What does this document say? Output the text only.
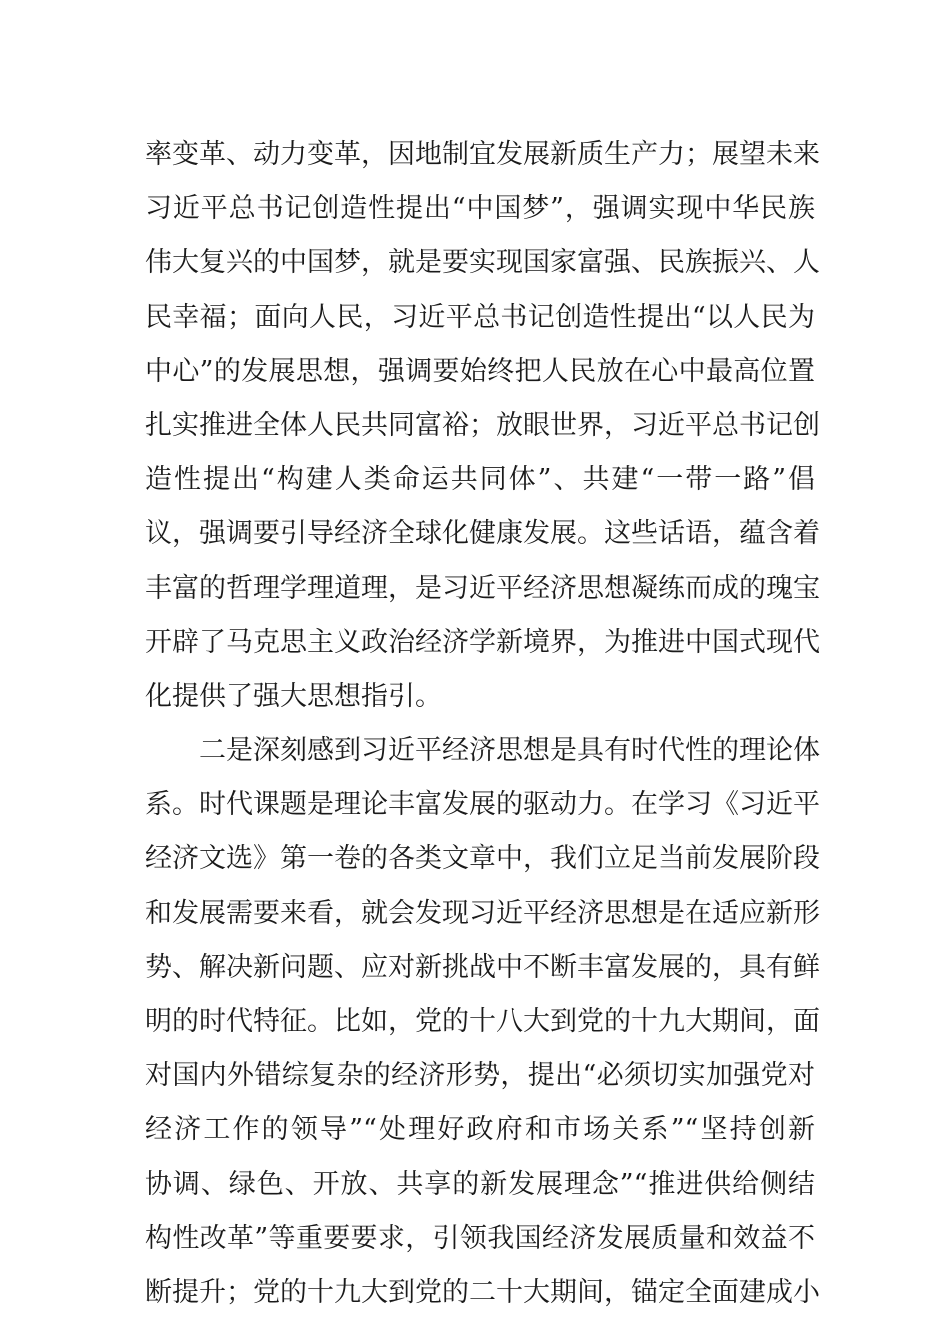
率变革、动力变革，因地制宜发展新质生产力；展望未来
习近平总书记创造性提出“中国梦”，强调实现中华民族
伟大复兴的中国梦，就是要实现国家富强、民族振兴、人
民幸福；面向人民，习近平总书记创造性提出“以人民为
中心”的发展思想，强调要始终把人民放在心中最高位置
扎实推进全体人民共同富裕；放眼世界，习近平总书记创
造性提出“构建人类命运共同体”、共建“一带一路”倡
议，强调要引导经济全球化健康发展。这些话语，蕴含着
丰富的哲理学理道理，是习近平经济思想凝练而成的瑰宝
开辟了马克思主义政治经济学新境界，为推进中国式现代
化提供了强大思想指引。
二是深刻感到习近平经济思想是具有时代性的理论体
系。时代课题是理论丰富发展的驱动力。在学习《习近平
经济文选》第一卷的各类文章中，我们立足当前发展阶段
和发展需要来看，就会发现习近平经济思想是在适应新形
势、解决新问题、应对新挑战中不断丰富发展的，具有鲜
明的时代特征。比如，党的十八大到党的十九大期间，面
对国内外错综复杂的经济形势，提出“必须切实加强党对
经济工作的领导”“处理好政府和市场关系”“坚持创新
协调、绿色、开放、共享的新发展理念”“推进供给侧结
构性改革”等重要要求，引领我国经济发展质量和效益不
断提升；党的十九大到党的二十大期间，锚定全面建成小
